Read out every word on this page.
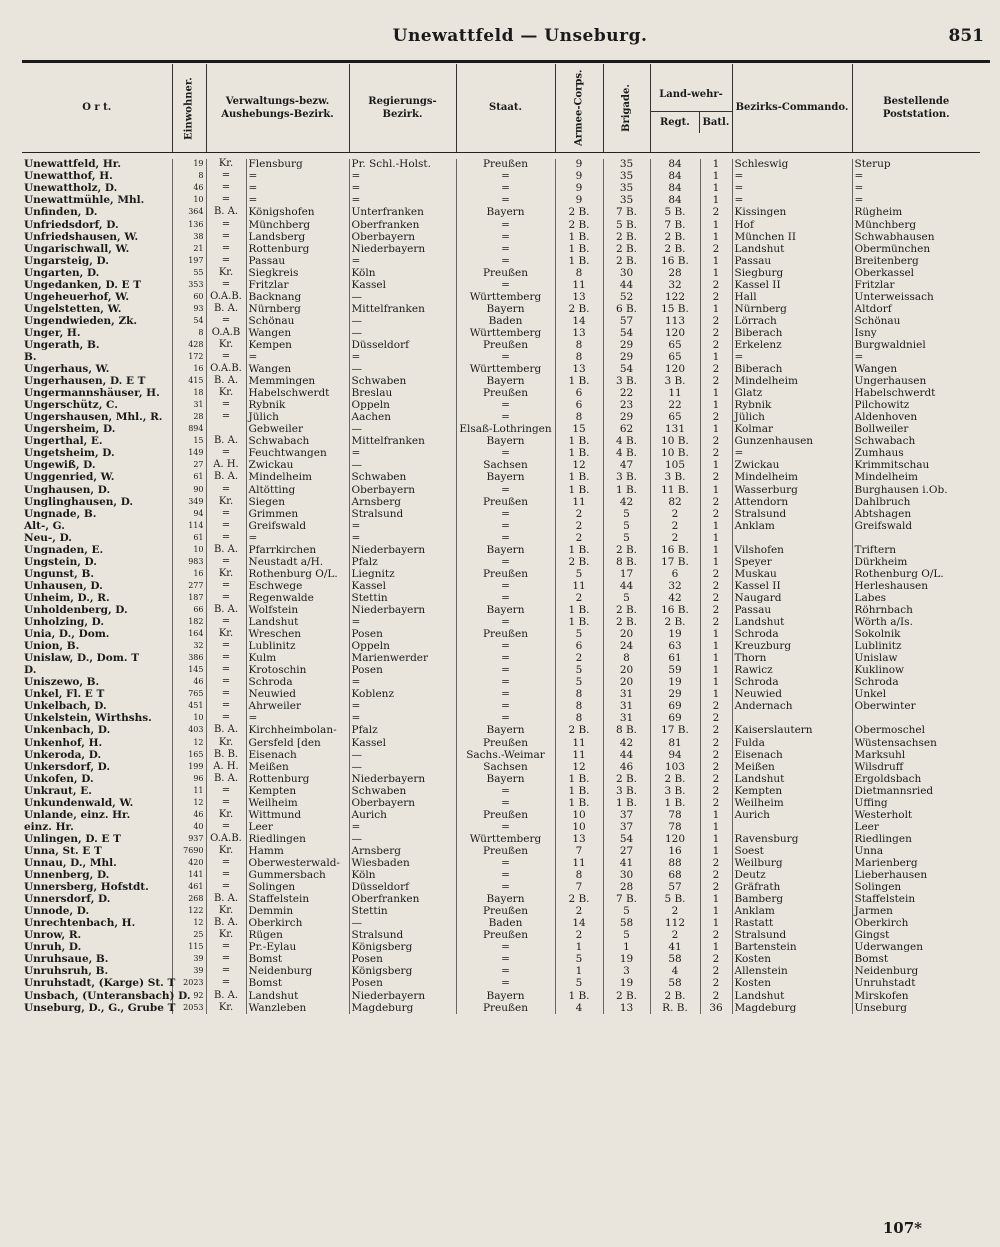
Unewattfeld — Unseburg.	851
O r t.	Einwohner.	Verwaltungs-bezw. Aushebungs-Bezirk.		Regierungs-Bezirk.	Staat.	Armee-Corps.	Brigade.	Land-wehr-
Regt. Batl.		Bezirks-Commando.	Bestellende Poststation.

Unewattfeld, Hr.	19	Kr.	Flensburg	Pr. Schl.-Holst.	Preußen	9	35	84	1	Schleswig	Sterup
Unewatthof, H.	8	=	=	=	=	9	35	84	1	=	=
Unewattholz, D.	46	=	=	=	=	9	35	84	1	=	=
Unewattmühle, Mhl.	10	=	=	=	=	9	35	84	1	=	=
Unfinden, D.	364	B. A.	Königshofen	Unterfranken	Bayern	2 B.	7 B.	5 B.	2	Kissingen	Rügheim
Unfriedsdorf, D.	136	=	Münchberg	Oberfranken	=	2 B.	5 B.	7 B.	1	Hof	Münchberg
Unfriedshausen, W.	38	=	Landsberg	Oberbayern	=	1 B.	2 B.	2 B.	1	München II	Schwabhausen
Ungarischwall, W.	21	=	Rottenburg	Niederbayern	=	1 B.	2 B.	2 B.	2	Landshut	Obermünchen
Ungarsteig, D.	197	=	Passau	=	=	1 B.	2 B.	16 B.	1	Passau	Breitenberg
Ungarten, D.	55	Kr.	Siegkreis	Köln	Preußen	8	30	28	1	Siegburg	Oberkassel
Ungedanken, D. E T	353	=	Fritzlar	Kassel	=	11	44	32	2	Kassel II	Fritzlar
Ungeheuerhof, W.	60	O.A.B.	Backnang	—	Württemberg	13	52	122	2	Hall	Unterweissach
Ungelstetten, W.	93	B. A.	Nürnberg	Mittelfranken	Bayern	2 B.	6 B.	15 B.	1	Nürnberg	Altdorf
Ungendwieden, Zk.	54	=	Schönau	—	Baden	14	57	113	2	Lörrach	Schönau
Unger, H.	8	O.A.B	Wangen	—	Württemberg	13	54	120	2	Biberach	Isny
Ungerath, B.	428	Kr.	Kempen	Düsseldorf	Preußen	8	29	65	2	Erkelenz	Burgwaldniel
B.	172	=	=	=	=	8	29	65	1	=	=
Ungerhaus, W.	16	O.A.B.	Wangen	—	Württemberg	13	54	120	2	Biberach	Wangen
Ungerhausen, D. E T	415	B. A.	Memmingen	Schwaben	Bayern	1 B.	3 B.	3 B.	2	Mindelheim	Ungerhausen
Ungermannshäuser, H.	18	Kr.	Habelschwerdt	Breslau	Preußen	6	22	11	1	Glatz	Habelschwerdt
Ungerschütz, C.	31	=	Rybnik	Oppeln	=	6	23	22	1	Rybnik	Pilchowitz
Ungershausen, Mhl., R.	28	=	Jülich	Aachen	=	8	29	65	2	Jülich	Aldenhoven
Ungersheim, D.	894		Gebweiler	—	Elsaß-Lothringen	15	62	131	1	Kolmar	Bollweiler
Ungerthal, E.	15	B. A.	Schwabach	Mittelfranken	Bayern	1 B.	4 B.	10 B.	2	Gunzenhausen	Schwabach
Ungetsheim, D.	149	=	Feuchtwangen	=	=	1 B.	4 B.	10 B.	2	=	Zumhaus
Ungewiß, D.	27	A. H.	Zwickau	—	Sachsen	12	47	105	1	Zwickau	Krimmitschau
Unggenried, W.	61	B. A.	Mindelheim	Schwaben	Bayern	1 B.	3 B.	3 B.	2	Mindelheim	Mindelheim
Unghausen, D.	90	=	Altötting	Oberbayern	=	1 B.	1 B.	11 B.	1	Wasserburg	Burghausen i.Ob.
Unglinghausen, D.	349	Kr.	Siegen	Arnsberg	Preußen	11	42	82	2	Attendorn	Dahlbruch
Ungnade, B.	94	=	Grimmen	Stralsund	=	2	5	2	2	Stralsund	Abtshagen
Alt-, G.	114	=	Greifswald	=	=	2	5	2	1	Anklam	Greifswald
Neu-, D.	61	=	=	=	=	2	5	2	1		
Ungnaden, E.	10	B. A.	Pfarrkirchen	Niederbayern	Bayern	1 B.	2 B.	16 B.	1	Vilshofen	Triftern
Ungstein, D.	983	=	Neustadt a/H.	Pfalz	=	2 B.	8 B.	17 B.	1	Speyer	Dürkheim
Ungunst, B.	16	Kr.	Rothenburg O/L.	Liegnitz	Preußen	5	17	6	2	Muskau	Rothenburg O/L.
Unhausen, D.	277	=	Eschwege	Kassel	=	11	44	32	2	Kassel II	Herleshausen
Unheim, D., R.	187	=	Regenwalde	Stettin	=	2	5	42	2	Naugard	Labes
Unholdenberg, D.	66	B. A.	Wolfstein	Niederbayern	Bayern	1 B.	2 B.	16 B.	2	Passau	Röhrnbach
Unholzing, D.	182	=	Landshut	=	=	1 B.	2 B.	2 B.	2	Landshut	Wörth a/Is.
Unia, D., Dom.	164	Kr.	Wreschen	Posen	Preußen	5	20	19	1	Schroda	Sokolnik
Union, B.	32	=	Lublinitz	Oppeln	=	6	24	63	1	Kreuzburg	Lublinitz
Unislaw, D., Dom. T	386	=	Kulm	Marienwerder	=	2	8	61	1	Thorn	Unislaw
D.	145	=	Krotoschin	Posen	=	5	20	59	1	Rawicz	Kuklinow
Uniszewo, B.	46	=	Schroda	=	=	5	20	19	1	Schroda	Schroda
Unkel, Fl. E T	765	=	Neuwied	Koblenz	=	8	31	29	1	Neuwied	Unkel
Unkelbach, D.	451	=	Ahrweiler	=	=	8	31	69	2	Andernach	Oberwinter
Unkelstein, Wirthshs.	10	=	=	=	=	8	31	69	2		
Unkenbach, D.	403	B. A.	Kirchheimbolan-	Pfalz	Bayern	2 B.	8 B.	17 B.	2	Kaiserslautern	Obermoschel
Unkenhof, H.	12	Kr.	Gersfeld [den	Kassel	Preußen	11	42	81	2	Fulda	Wüstensachsen
Unkeroda, D.	165	B. B.	Eisenach	—	Sachs.-Weimar	11	44	94	2	Eisenach	Marksuhl
Unkersdorf, D.	199	A. H.	Meißen	—	Sachsen	12	46	103	2	Meißen	Wilsdruff
Unkofen, D.	96	B. A.	Rottenburg	Niederbayern	Bayern	1 B.	2 B.	2 B.	2	Landshut	Ergoldsbach
Unkraut, E.	11	=	Kempten	Schwaben	=	1 B.	3 B.	3 B.	2	Kempten	Dietmannsried
Unkundenwald, W.	12	=	Weilheim	Oberbayern	=	1 B.	1 B.	1 B.	2	Weilheim	Uffing
Unlande, einz. Hr.	46	Kr.	Wittmund	Aurich	Preußen	10	37	78	1	Aurich	Westerholt
einz. Hr.	40	=	Leer	=	=	10	37	78	1		Leer
Unlingen, D. E T	937	O.A.B.	Riedlingen	—	Württemberg	13	54	120	1	Ravensburg	Riedlingen
Unna, St. E T	7690	Kr.	Hamm	Arnsberg	Preußen	7	27	16	1	Soest	Unna
Unnau, D., Mhl.	420	=	Oberwesterwald-	Wiesbaden	=	11	41	88	2	Weilburg	Marienberg
Unnenberg, D.	141	=	Gummersbach	Köln	=	8	30	68	2	Deutz	Lieberhausen
Unnersberg, Hofstdt.	461	=	Solingen	Düsseldorf	=	7	28	57	2	Gräfrath	Solingen
Unnersdorf, D.	268	B. A.	Staffelstein	Oberfranken	Bayern	2 B.	7 B.	5 B.	1	Bamberg	Staffelstein
Unnode, D.	122	Kr.	Demmin	Stettin	Preußen	2	5	2	1	Anklam	Jarmen
Unrechtenbach, H.	12	B. A.	Oberkirch	—	Baden	14	58	112	1	Rastatt	Oberkirch
Unrow, R.	25	Kr.	Rügen	Stralsund	Preußen	2	5	2	2	Stralsund	Gingst
Unruh, D.	115	=	Pr.-Eylau	Königsberg	=	1	1	41	1	Bartenstein	Uderwangen
Unruhsaue, B.	39	=	Bomst	Posen	=	5	19	58	2	Kosten	Bomst
Unruhsruh, B.	39	=	Neidenburg	Königsberg	=	1	3	4	2	Allenstein	Neidenburg
Unruhstadt, (Karge) St. T	2023	=	Bomst	Posen	=	5	19	58	2	Kosten	Unruhstadt
Unsbach, (Unteransbach) D.	92	B. A.	Landshut	Niederbayern	Bayern	1 B.	2 B.	2 B.	2	Landshut	Mirskofen
Unseburg, D., G., Grube T	2053	Kr.	Wanzleben	Magdeburg	Preußen	4	13	R. B.	36	Magdeburg	Unseburg
107*
